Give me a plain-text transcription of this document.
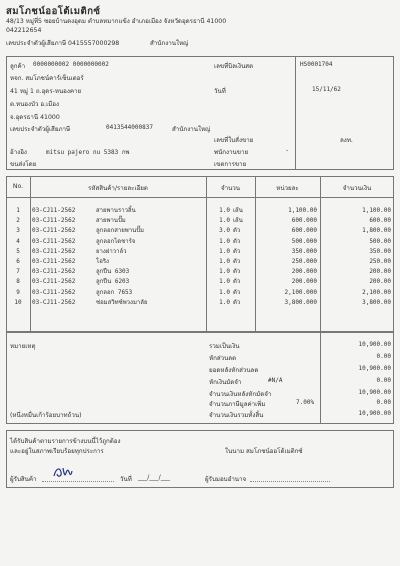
สมโภชน์ออโต้เมติกซ์
48/13 หมู่ที่5 ซอยบ้านดงอุดม ตำบลหมากแข้ง อำเภอเมือง จังหวัดอุดรธานี 41000
042212654
เลขประจำตัวผู้เสียภาษี 0415557000298	สำนักงานใหญ่
ลูกค้า 0000000002 0000000002
หจก. สมโภชน์คาร์เซ็นเตอร์
41 หมู่ 1 ถ.อุดร-หนองคาย
ต.หนองบัว อ.เมือง
จ.อุดรธานี 41000
เลขประจำตัวผู้เสียภาษี	0413544000837	สำนักงานใหญ่
อ้างอิง	mitsu pajero nu 5383 กพ
ขนส่งโดย
เลขที่บิลเงินสด	HS0001704
วันที่	15/11/62
เลขที่ใบสั่งขาย	ลงท.
พนักงานขาย	-
เขตการขาย
No.	รหัสสินค้า/รายละเอียด	จำนวน	หน่วยละ	จำนวนเงิน
1	03-CJ11-2562	สายพานราวลิ้น	1.0	เส้น	1,100.00	1,100.00
2	03-CJ11-2562	สายพานปั๊ม	1.0	เส้น	600.000	600.00
3	03-CJ11-2562	ลูกลอกสายพานปั๊ม	3.0	ตัว	600.000	1,800.00
4	03-CJ11-2562	ลูกลอกไดชาร์จ	1.0	ตัว	500.000	500.00
5	03-CJ11-2562	ยางฝาวาล์ว	1.0	ตัว	350.000	350.00
6	03-CJ11-2562	โอริง	1.0	ตัว	250.000	250.00
7	03-CJ11-2562	ลูกปืน 6303	1.0	ตัว	200.000	200.00
8	03-CJ11-2562	ลูกปืน 6203	1.0	ตัว	200.000	200.00
9	03-CJ11-2562	ลูกลอก 7653	1.0	ตัว	2,100.000	2,100.00
10	03-CJ11-2562	ซ่อมสวิทซ์พวงมาลัย	1.0	ตัว	3,800.000	3,800.00
หมายเหตุ
(หนึ่งหมื่นเก้าร้อยบาทถ้วน)
รวมเป็นเงิน	10,900.00
หักส่วนลด	0.00
ยอดหลังหักส่วนลด	10,900.00
หักเงินมัดจำ	#N/A	0.00
จำนวนเงินหลังหักมัดจำ	10,900.00
จำนวนภาษีมูลค่าเพิ่ม	7.00%	0.00
จำนวนเงินรวมทั้งสิ้น	10,900.00
ได้รับสินค้าตามรายการข้างบนนี้ไว้ถูกต้อง
และอยู่ในสภาพเรียบร้อยทุกประการ	ในนาม สมโภชน์ออโต้เมติกซ์
ผู้รับสินค้า	วันที่ ___/___/___	ผู้รับมอบอำนาจ
